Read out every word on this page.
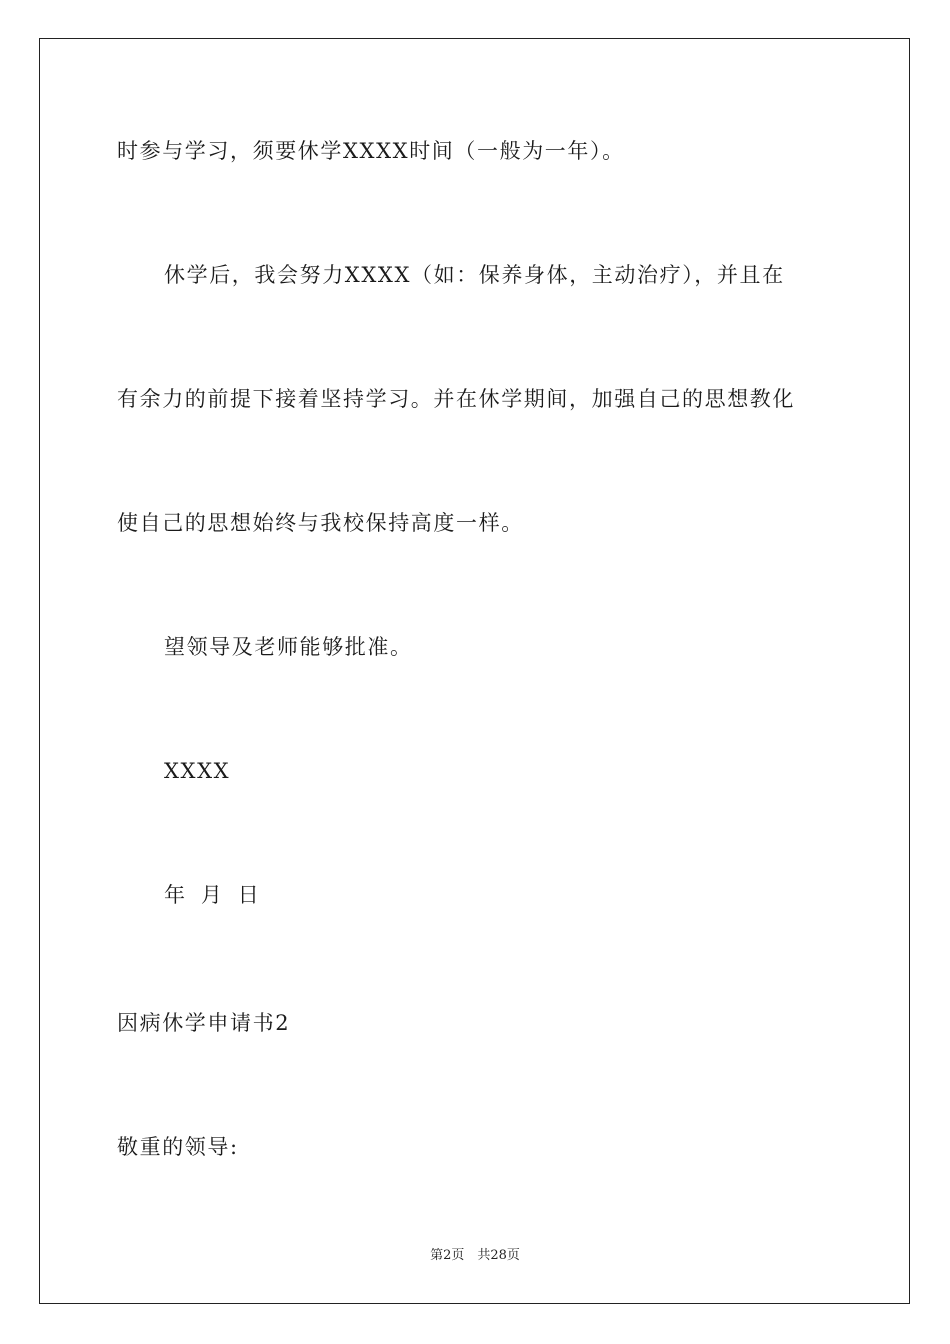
时参与学习，须要休学XXXX时间（一般为一年）。
休学后，我会努力XXXX（如：保养身体，主动治疗），并且在
有余力的前提下接着坚持学习。并在休学期间，加强自己的思想教化
使自己的思想始终与我校保持高度一样。
望领导及老师能够批准。
XXXX
年 月 日
因病休学申请书2
敬重的领导:
第2页　共28页
